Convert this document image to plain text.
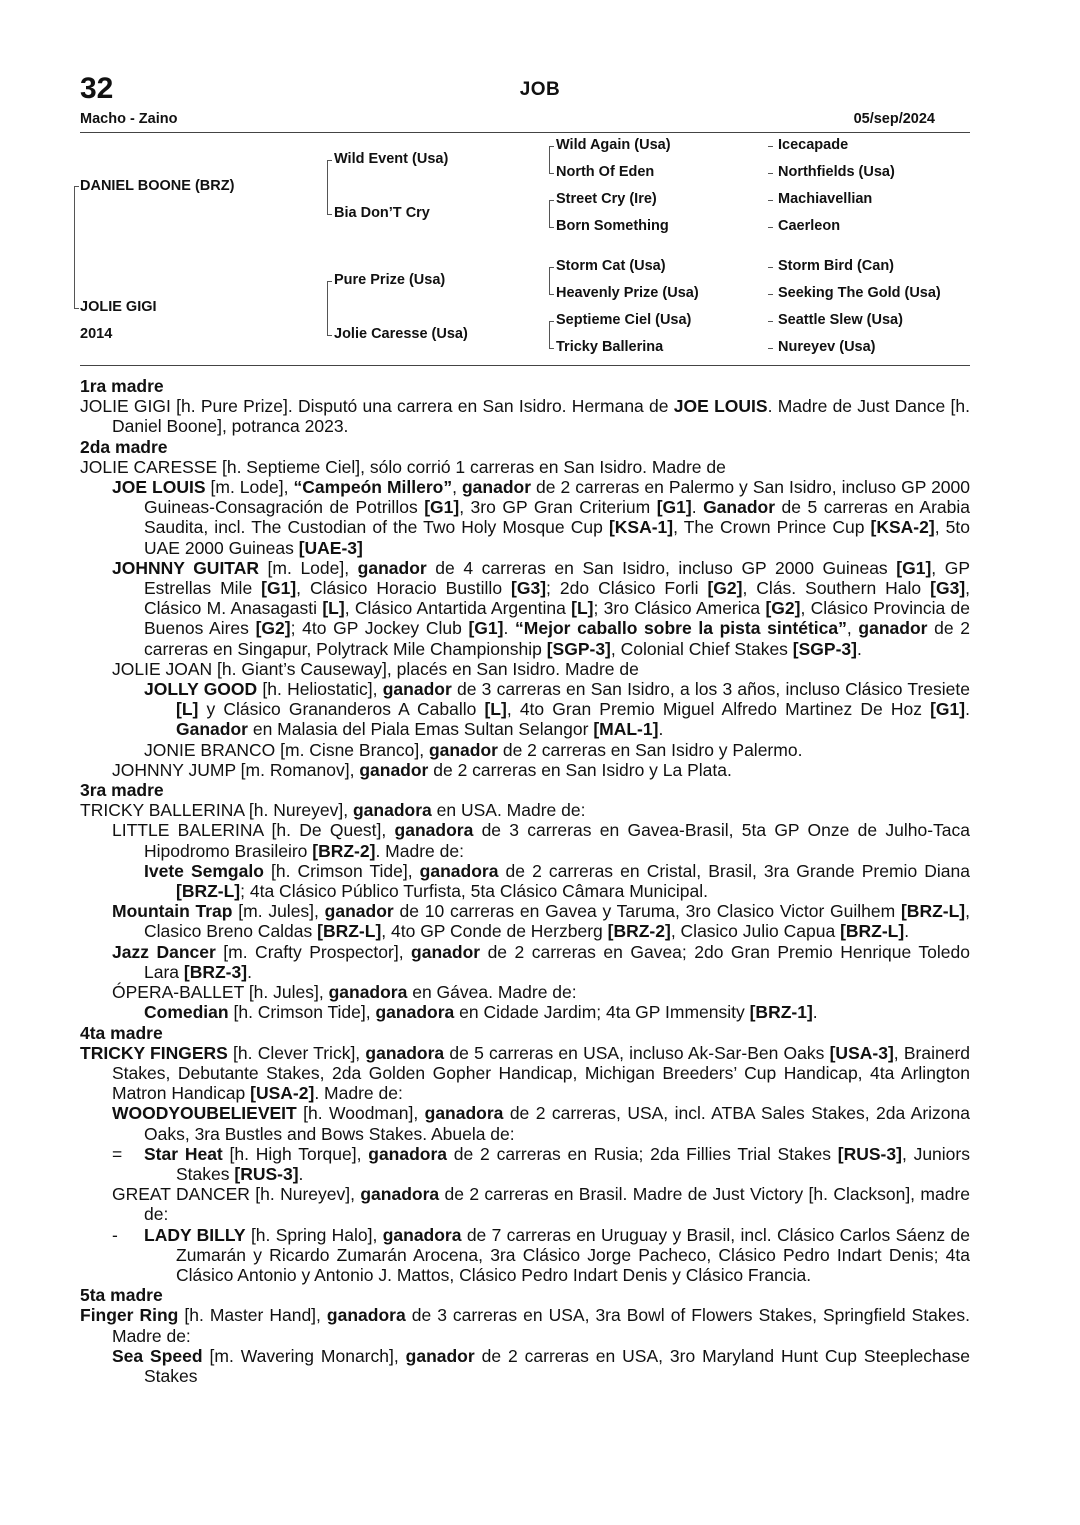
32	JOB
Macho - Zaino	05/sep/2024
DANIEL BOONE (BRZ)
JOLIE GIGI
2014
Wild Event (Usa)
Bia Don’T Cry
Pure Prize (Usa)
Jolie Caresse (Usa)
Wild Again (Usa)
North Of Eden
Street Cry (Ire)
Born Something
Storm Cat (Usa)
Heavenly Prize (Usa)
Septieme Ciel (Usa)
Tricky Ballerina
Icecapade
Northfields (Usa)
Machiavellian
Caerleon
Storm Bird (Can)
Seeking The Gold (Usa)
Seattle Slew (Usa)
Nureyev (Usa)
1ra madre

JOLIE GIGI [h. Pure Prize]. Disputó una carrera en San Isidro. Hermana de JOE LOUIS. Madre de Just Dance [h. Daniel Boone], potranca 2023.

2da madre

JOLIE CARESSE [h. Septieme Ciel], sólo corrió 1 carreras en San Isidro. Madre de

JOE LOUIS [m. Lode], “Campeón Millero”, ganador de 2 carreras en Palermo y San Isidro, incluso GP 2000 Guineas-Consagración de Potrillos [G1], 3ro GP Gran Criterium [G1]. Ganador de 5 carreras en Arabia Saudita, incl. The Custodian of the Two Holy Mosque Cup [KSA-1], The Crown Prince Cup [KSA-2], 5to UAE 2000 Guineas [UAE-3]

JOHNNY GUITAR [m. Lode], ganador de 4 carreras en San Isidro, incluso GP 2000 Guineas [G1], GP Estrellas Mile [G1], Clásico Horacio Bustillo [G3]; 2do Clásico Forli [G2], Clás. Southern Halo [G3], Clásico M. Anasagasti [L], Clásico Antartida Argentina [L]; 3ro Clásico America [G2], Clásico Provincia de Buenos Aires [G2]; 4to GP Jockey Club [G1]. “Mejor caballo sobre la pista sintética”, ganador de 2 carreras en Singapur, Polytrack Mile Championship [SGP-3], Colonial Chief Stakes [SGP-3].

JOLIE JOAN [h. Giant’s Causeway], placés en San Isidro. Madre de

JOLLY GOOD [h. Heliostatic], ganador de 3 carreras en San Isidro, a los 3 años, incluso Clásico Tresiete [L] y Clásico Grananderos A Caballo [L], 4to Gran Premio Miguel Alfredo Martinez De Hoz [G1]. Ganador en Malasia del Piala Emas Sultan Selangor [MAL-1].

JONIE BRANCO [m. Cisne Branco], ganador de 2 carreras en San Isidro y Palermo.

JOHNNY JUMP [m. Romanov], ganador de 2 carreras en San Isidro y La Plata.

3ra madre

TRICKY BALLERINA [h. Nureyev], ganadora en USA. Madre de:

LITTLE BALERINA [h. De Quest], ganadora de 3 carreras en Gavea-Brasil, 5ta GP Onze de Julho-Taca Hipodromo Brasileiro [BRZ-2]. Madre de:

Ivete Semgalo [h. Crimson Tide], ganadora de 2 carreras en Cristal, Brasil, 3ra Grande Premio Diana [BRZ-L]; 4ta Clásico Público Turfista, 5ta Clásico Câmara Municipal.

Mountain Trap [m. Jules], ganador de 10 carreras en Gavea y Taruma, 3ro Clasico Victor Guilhem [BRZ-L], Clasico Breno Caldas [BRZ-L], 4to GP Conde de Herzberg [BRZ-2], Clasico Julio Capua [BRZ-L].

Jazz Dancer [m. Crafty Prospector], ganador de 2 carreras en Gavea; 2do Gran Premio Henrique Toledo Lara [BRZ-3].

ÓPERA-BALLET [h. Jules], ganadora en Gávea. Madre de:

Comedian [h. Crimson Tide], ganadora en Cidade Jardim; 4ta GP Immensity [BRZ-1].

4ta madre

TRICKY FINGERS [h. Clever Trick], ganadora de 5 carreras en USA, incluso Ak-Sar-Ben Oaks [USA-3], Brainerd Stakes, Debutante Stakes, 2da Golden Gopher Handicap, Michigan Breeders’ Cup Handicap, 4ta Arlington Matron Handicap [USA-2]. Madre de:

WOODYOUBELIEVEIT [h. Woodman], ganadora de 2 carreras, USA, incl. ATBA Sales Stakes, 2da Arizona Oaks, 3ra Bustles and Bows Stakes. Abuela de:

= Star Heat [h. High Torque], ganadora de 2 carreras en Rusia; 2da Fillies Trial Stakes [RUS-3], Juniors Stakes [RUS-3].

GREAT DANCER [h. Nureyev], ganadora de 2 carreras en Brasil. Madre de Just Victory [h. Clackson], madre de:

- LADY BILLY [h. Spring Halo], ganadora de 7 carreras en Uruguay y Brasil, incl. Clásico Carlos Sáenz de Zumarán y Ricardo Zumarán Arocena, 3ra Clásico Jorge Pacheco, Clásico Pedro Indart Denis; 4ta Clásico Antonio y Antonio J. Mattos, Clásico Pedro Indart Denis y Clásico Francia.

5ta madre

Finger Ring [h. Master Hand], ganadora de 3 carreras en USA, 3ra Bowl of Flowers Stakes, Springfield Stakes. Madre de:

Sea Speed [m. Wavering Monarch], ganador de 2 carreras en USA, 3ro Maryland Hunt Cup Steeplechase Stakes
